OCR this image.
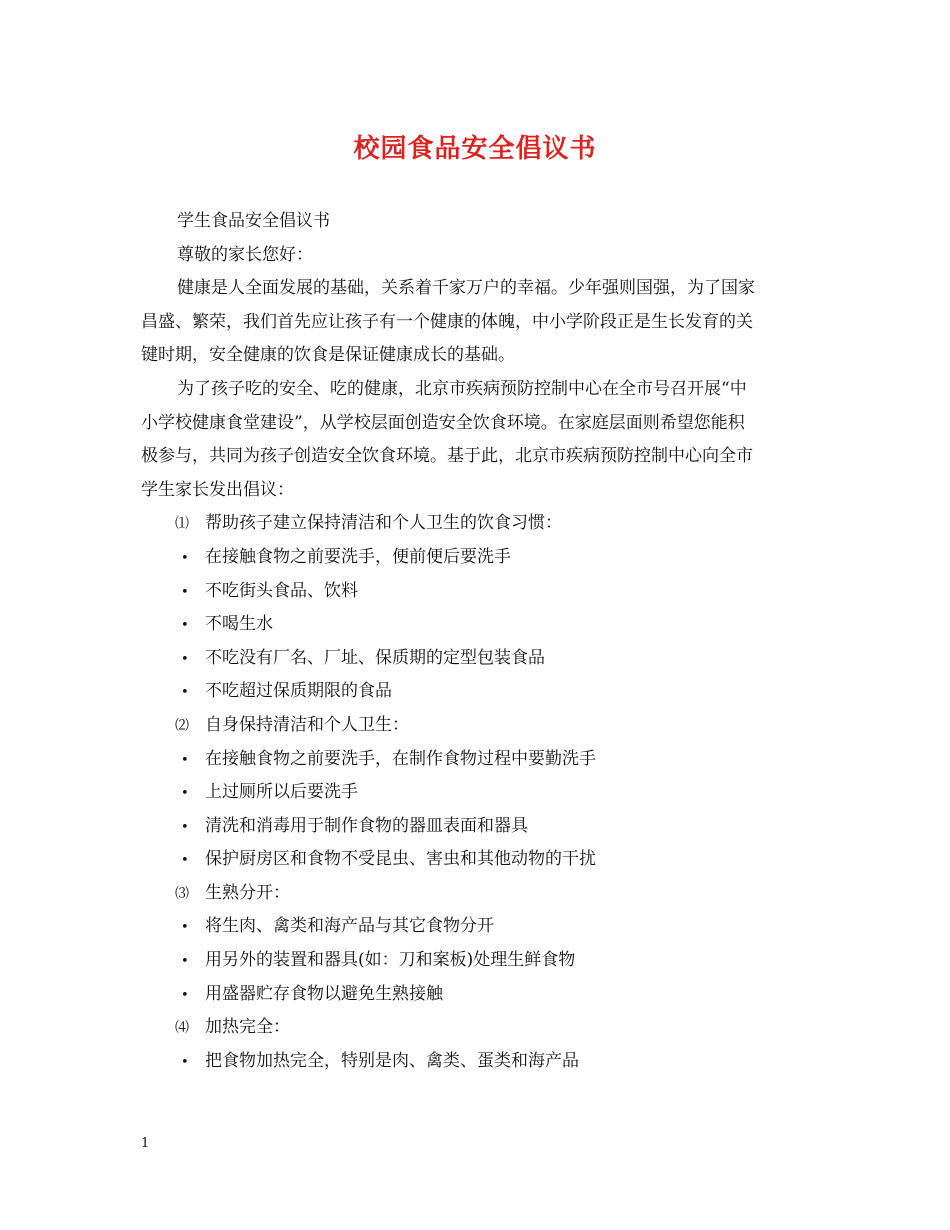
校园食品安全倡议书
学生食品安全倡议书
尊敬的家长您好：
健康是人全面发展的基础，关系着千家万户的幸福。少年强则国强，为了国家
昌盛、繁荣，我们首先应让孩子有一个健康的体魄，中小学阶段正是生长发育的关
键时期，安全健康的饮食是保证健康成长的基础。
为了孩子吃的安全、吃的健康，北京市疾病预防控制中心在全市号召开展“中
小学校健康食堂建设”，从学校层面创造安全饮食环境。在家庭层面则希望您能积
极参与，共同为孩子创造安全饮食环境。基于此，北京市疾病预防控制中心向全市
学生家长发出倡议：
⑴ 帮助孩子建立保持清洁和个人卫生的饮食习惯：
• 在接触食物之前要洗手，便前便后要洗手
• 不吃街头食品、饮料
• 不喝生水
• 不吃没有厂名、厂址、保质期的定型包装食品
• 不吃超过保质期限的食品
⑵ 自身保持清洁和个人卫生：
• 在接触食物之前要洗手，在制作食物过程中要勤洗手
• 上过厕所以后要洗手
• 清洗和消毒用于制作食物的器皿表面和器具
• 保护厨房区和食物不受昆虫、害虫和其他动物的干扰
⑶ 生熟分开：
• 将生肉、禽类和海产品与其它食物分开
• 用另外的装置和器具(如：刀和案板)处理生鲜食物
• 用盛器贮存食物以避免生熟接触
⑷ 加热完全：
• 把食物加热完全，特别是肉、禽类、蛋类和海产品
1
